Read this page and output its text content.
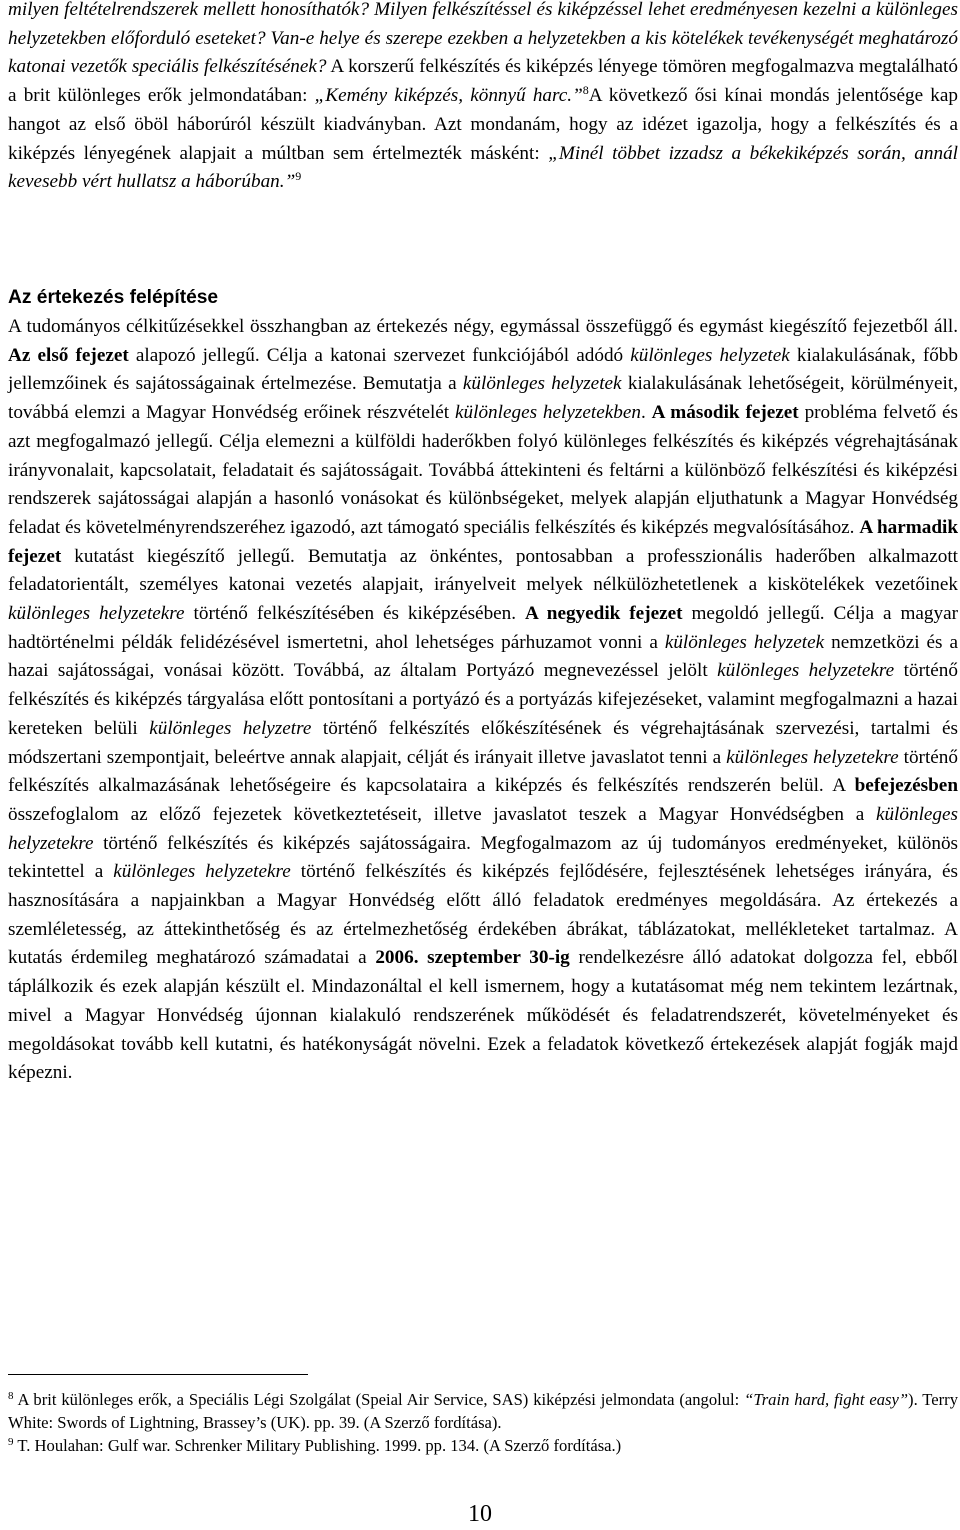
milyen feltételrendszerek mellett honosíthatók? Milyen felkészítéssel és kiképzéssel lehet eredményesen kezelni a különleges helyzetekben előforduló eseteket? Van-e helye és szerepe ezekben a helyzetekben a kis kötelékek tevékenységét meghatározó katonai vezetők speciális felkészítésének? A korszerű felkészítés és kiképzés lényege tömören megfogalmazva megtalálható a brit különleges erők jelmondatában: „Kemény kiképzés, könnyű harc.”$^8$A következő ősi kínai mondás jelentősége kap hangot az első öböl háborúról készült kiadványban. Azt mondanám, hogy az idézet igazolja, hogy a felkészítés és a kiképzés lényegének alapjait a múltban sem értelmezték másként: „Minél többet izzadsz a békekiképzés során, annál kevesebb vért hullatsz a háborúban.”$^9$

Az értekezés felépítése

A tudományos célkitűzésekkel összhangban az értekezés négy, egymással összefüggő és egymást kiegészítő fejezetből áll. Az első fejezet alapozó jellegű. Célja a katonai szervezet funkciójából adódó különleges helyzetek kialakulásának, főbb jellemzőinek és sajátosságainak értelmezése. Bemutatja a különleges helyzetek kialakulásának lehetőségeit, körülményeit, továbbá elemzi a Magyar Honvédség erőinek részvételét különleges helyzetekben. A második fejezet probléma felvető és azt megfogalmazó jellegű. Célja elemezni a külföldi haderőkben folyó különleges felkészítés és kiképzés végrehajtásának irányvonalait, kapcsolatait, feladatait és sajátosságait. Továbbá áttekinteni és feltárni a különböző felkészítési és kiképzési rendszerek sajátosságai alapján a hasonló vonásokat és különbségeket, melyek alapján eljuthatunk a Magyar Honvédség feladat és követelményrendszeréhez igazodó, azt támogató speciális felkészítés és kiképzés megvalósításához. A harmadik fejezet kutatást kiegészítő jellegű. Bemutatja az önkéntes, pontosabban a professzionális haderőben alkalmazott feladatorientált, személyes katonai vezetés alapjait, irányelveit melyek nélkülözhetetlenek a kiskötelékek vezetőinek különleges helyzetekre történő felkészítésében és kiképzésében. A negyedik fejezet megoldó jellegű. Célja a magyar hadtörténelmi példák felidézésével ismertetni, ahol lehetséges párhuzamot vonni a különleges helyzetek nemzetközi és a hazai sajátosságai, vonásai között. Továbbá, az általam Portyázó megnevezéssel jelölt különleges helyzetekre történő felkészítés és kiképzés tárgyalása előtt pontosítani a portyázó és a portyázás kifejezéseket, valamint megfogalmazni a hazai kereteken belüli különleges helyzetre történő felkészítés előkészítésének és végrehajtásának szervezési, tartalmi és módszertani szempontjait, beleértve annak alapjait, célját és irányait illetve javaslatot tenni a különleges helyzetekre történő felkészítés alkalmazásának lehetőségeire és kapcsolataira a kiképzés és felkészítés rendszerén belül. A befejezésben összefoglalom az előző fejezetek következtetéseit, illetve javaslatot teszek a Magyar Honvédségben a különleges helyzetekre történő felkészítés és kiképzés sajátosságaira. Megfogalmazom az új tudományos eredményeket, különös tekintettel a különleges helyzetekre történő felkészítés és kiképzés fejlődésére, fejlesztésének lehetséges irányára, és hasznosítására a napjainkban a Magyar Honvédség előtt álló feladatok eredményes megoldására. Az értekezés a szemléletesség, az áttekinthetőség és az értelmezhetőség érdekében ábrákat, táblázatokat, mellékleteket tartalmaz. A kutatás érdemileg meghatározó számadatai a 2006. szeptember 30-ig rendelkezésre álló adatokat dolgozza fel, ebből táplálkozik és ezek alapján készült el. Mindazonáltal el kell ismernem, hogy a kutatásomat még nem tekintem lezártnak, mivel a Magyar Honvédség újonnan kialakuló rendszerének működését és feladatrendszerét, követelményeket és megoldásokat tovább kell kutatni, és hatékonyságát növelni. Ezek a feladatok következő értekezések alapját fogják majd képezni.

$^8$ A brit különleges erők, a Speciális Légi Szolgálat (Speial Air Service, SAS) kiképzési jelmondata (angolul: “Train hard, fight easy”). Terry White: Swords of Lightning, Brassey’s (UK). pp. 39. (A Szerző fordítása).

$^9$ T. Houlahan: Gulf war. Schrenker Military Publishing. 1999. pp. 134. (A Szerző fordítása.)

10
